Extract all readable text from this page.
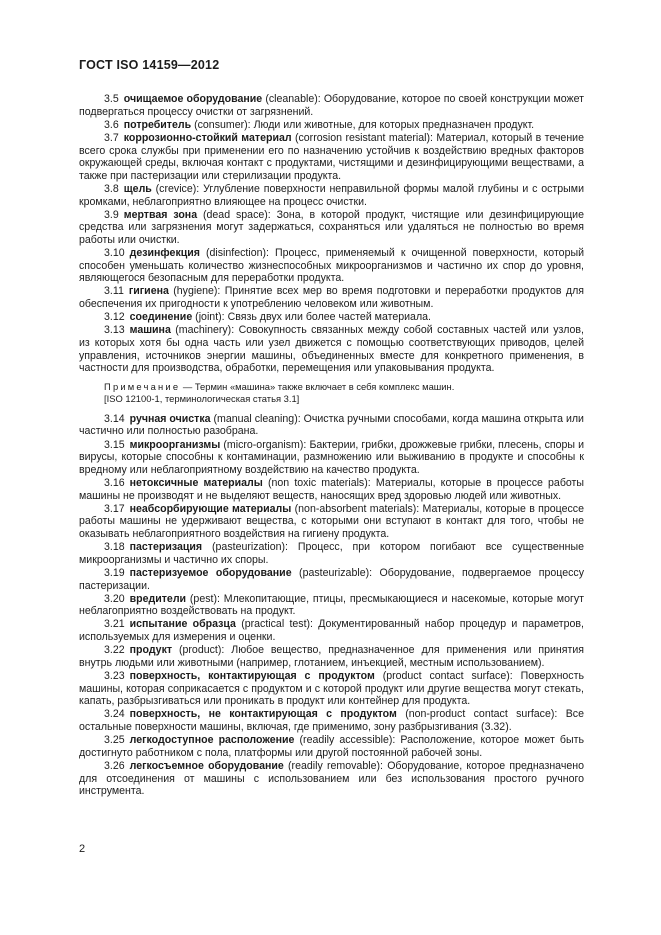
ГОСТ ISO 14159—2012

3.5 очищаемое оборудование (cleanable): Оборудование, которое по своей конструкции может подвергаться процессу очистки от загрязнений.

3.6 потребитель (consumer): Люди или животные, для которых предназначен продукт.

3.7 коррозионно-стойкий материал (corrosion resistant material): Материал, который в течение всего срока службы при применении его по назначению устойчив к воздействию вредных факторов окружающей среды, включая контакт с продуктами, чистящими и дезинфицирующими веществами, а также при пастеризации или стерилизации продукта.

3.8 щель (crevice): Углубление поверхности неправильной формы малой глубины и с острыми кромками, неблагоприятно влияющее на процесс очистки.

3.9 мертвая зона (dead space): Зона, в которой продукт, чистящие или дезинфицирующие средства или загрязнения могут задержаться, сохраняться или удаляться не полностью во время работы или очистки.

3.10 дезинфекция (disinfection): Процесс, применяемый к очищенной поверхности, который способен уменьшать количество жизнеспособных микроорганизмов и частично их спор до уровня, являющегося безопасным для переработки продукта.

3.11 гигиена (hygiene): Принятие всех мер во время подготовки и переработки продуктов для обеспечения их пригодности к употреблению человеком или животным.

3.12 соединение (joint): Связь двух или более частей материала.

3.13 машина (machinery): Совокупность связанных между собой составных частей или узлов, из которых хотя бы одна часть или узел движется с помощью соответствующих приводов, целей управления, источников энергии машины, объединенных вместе для конкретного применения, в частности для производства, обработки, перемещения или упаковывания продукта.

Примечание — Термин «машина» также включает в себя комплекс машин.
[ISO 12100-1, терминологическая статья 3.1]

3.14 ручная очистка (manual cleaning): Очистка ручными способами, когда машина открыта или частично или полностью разобрана.

3.15 микроорганизмы (micro-organism): Бактерии, грибки, дрожжевые грибки, плесень, споры и вирусы, которые способны к контаминации, размножению или выживанию в продукте и способны к вредному или неблагоприятному воздействию на качество продукта.

3.16 нетоксичные материалы (non toxic materials): Материалы, которые в процессе работы машины не производят и не выделяют веществ, наносящих вред здоровью людей или животных.

3.17 неабсорбирующие материалы (non-absorbent materials): Материалы, которые в процессе работы машины не удерживают вещества, с которыми они вступают в контакт для того, чтобы не оказывать неблагоприятного воздействия на гигиену продукта.

3.18 пастеризация (pasteurization): Процесс, при котором погибают все существенные микроорганизмы и частично их споры.

3.19 пастеризуемое оборудование (pasteurizable): Оборудование, подвергаемое процессу пастеризации.

3.20 вредители (pest): Млекопитающие, птицы, пресмыкающиеся и насекомые, которые могут неблагоприятно воздействовать на продукт.

3.21 испытание образца (practical test): Документированный набор процедур и параметров, используемых для измерения и оценки.

3.22 продукт (product): Любое вещество, предназначенное для применения или принятия внутрь людьми или животными (например, глотанием, инъекцией, местным использованием).

3.23 поверхность, контактирующая с продуктом (product contact surface): Поверхность машины, которая соприкасается с продуктом и с которой продукт или другие вещества могут стекать, капать, разбрызгиваться или проникать в продукт или контейнер для продукта.

3.24 поверхность, не контактирующая с продуктом (non-product contact surface): Все остальные поверхности машины, включая, где применимо, зону разбрызгивания (3.32).

3.25 легкодоступное расположение (readily accessible): Расположение, которое может быть достигнуто работником с пола, платформы или другой постоянной рабочей зоны.

3.26 легкосъемное оборудование (readily removable): Оборудование, которое предназначено для отсоединения от машины с использованием или без использования простого ручного инструмента.

2
